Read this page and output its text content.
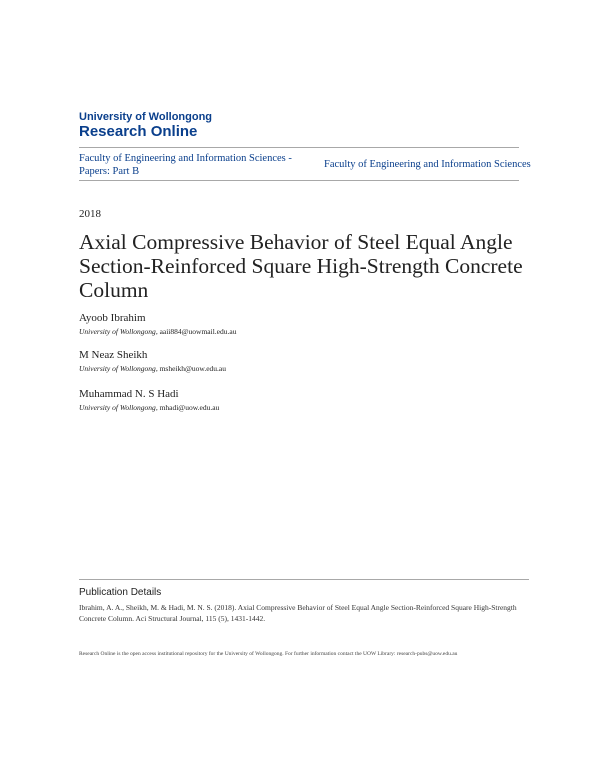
University of Wollongong
Research Online
Faculty of Engineering and Information Sciences -
Papers: Part B
Faculty of Engineering and Information Sciences
2018
Axial Compressive Behavior of Steel Equal Angle Section-Reinforced Square High-Strength Concrete Column
Ayoob Ibrahim
University of Wollongong, aaii884@uowmail.edu.au
M Neaz Sheikh
University of Wollongong, msheikh@uow.edu.au
Muhammad N. S Hadi
University of Wollongong, mhadi@uow.edu.au
Publication Details
Ibrahim, A. A., Sheikh, M. & Hadi, M. N. S. (2018). Axial Compressive Behavior of Steel Equal Angle Section-Reinforced Square High-Strength Concrete Column. Aci Structural Journal, 115 (5), 1431-1442.
Research Online is the open access institutional repository for the University of Wollongong. For further information contact the UOW Library: research-pubs@uow.edu.au
